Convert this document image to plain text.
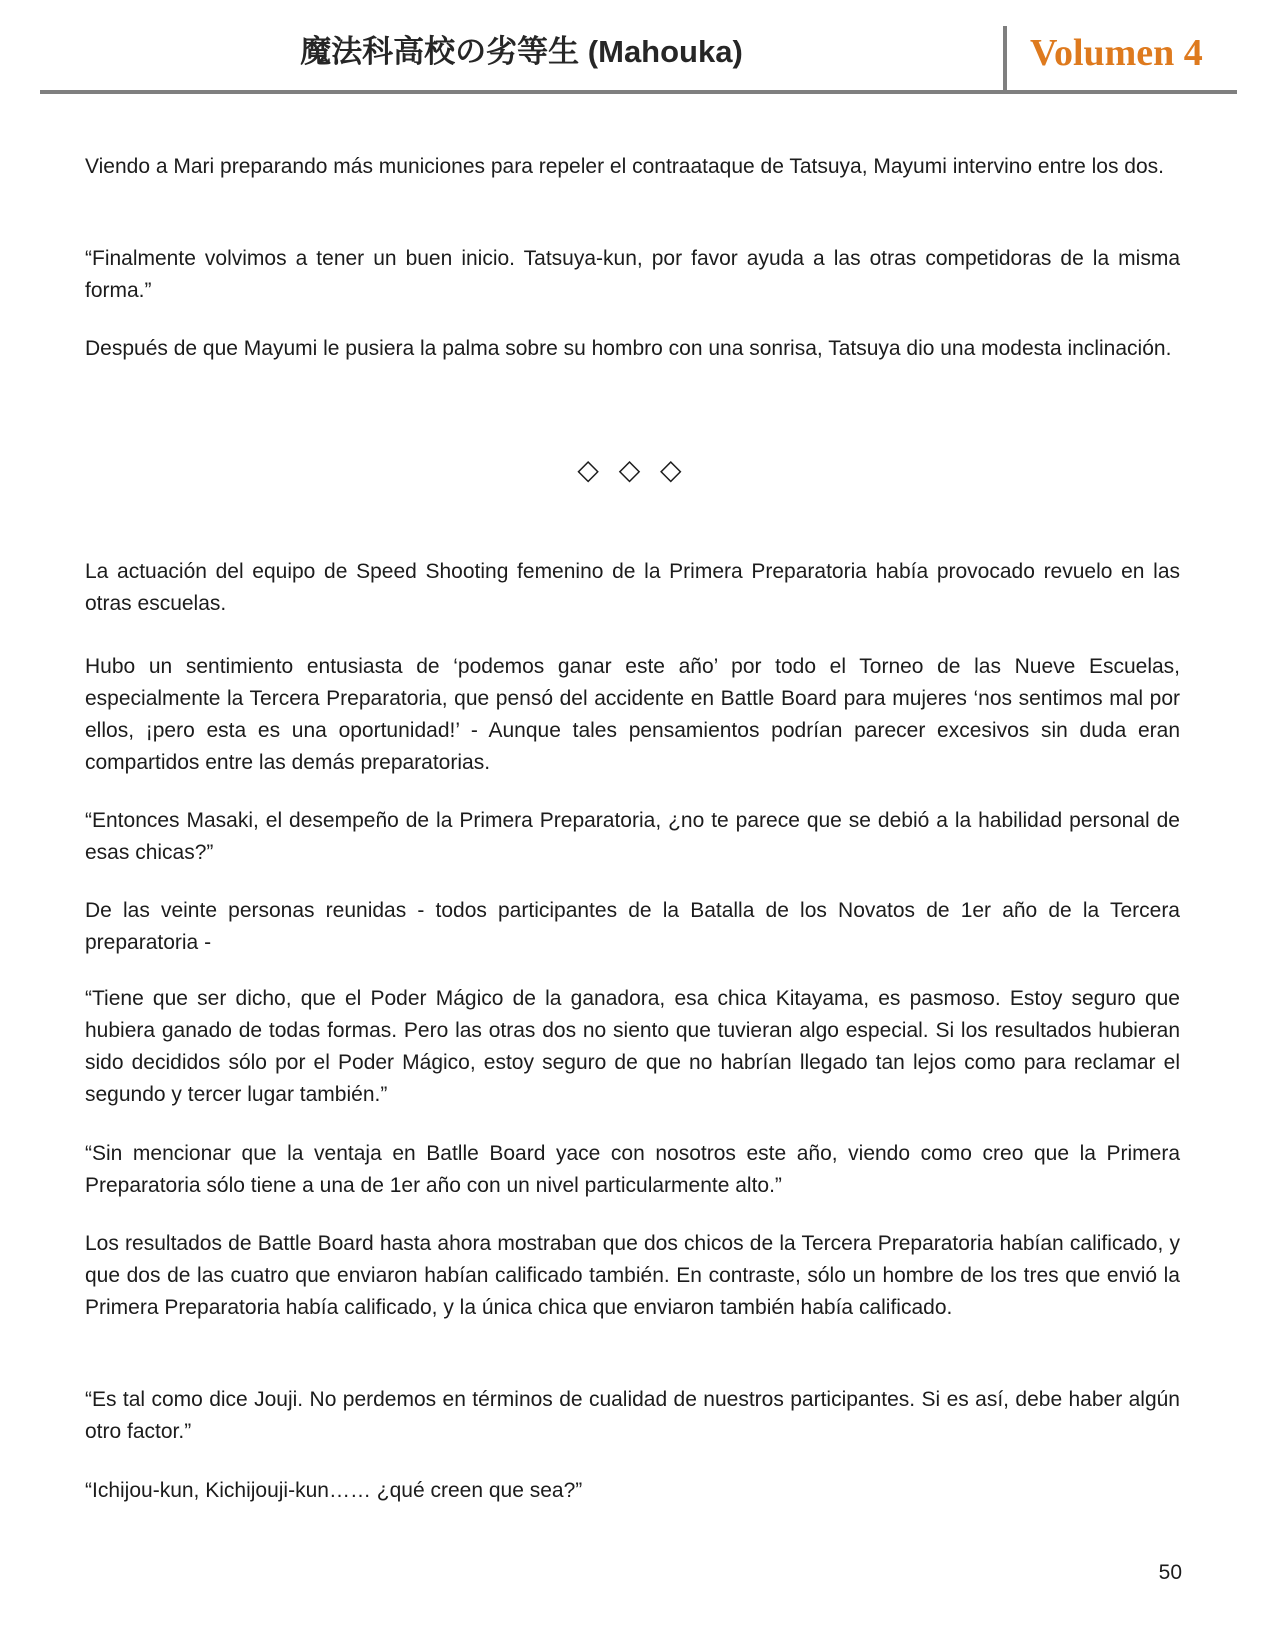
魔法科高校の劣等生 (Mahouka)	Volumen 4

Viendo a Mari preparando más municiones para repeler el contraataque de Tatsuya, Mayumi intervino entre los dos.

“Finalmente volvimos a tener un buen inicio. Tatsuya-kun, por favor ayuda a las otras competidoras de la misma forma.”

Después de que Mayumi le pusiera la palma sobre su hombro con una sonrisa, Tatsuya dio una modesta inclinación.

◇ ◇ ◇

La actuación del equipo de Speed Shooting femenino de la Primera Preparatoria había provocado revuelo en las otras escuelas.

Hubo un sentimiento entusiasta de ‘podemos ganar este año’ por todo el Torneo de las Nueve Escuelas, especialmente la Tercera Preparatoria, que pensó del accidente en Battle Board para mujeres ‘nos sentimos mal por ellos, ¡pero esta es una oportunidad!’ - Aunque tales pensamientos podrían parecer excesivos sin duda eran compartidos entre las demás preparatorias.

“Entonces Masaki, el desempeño de la Primera Preparatoria, ¿no te parece que se debió a la habilidad personal de esas chicas?”

De las veinte personas reunidas - todos participantes de la Batalla de los Novatos de 1er año de la Tercera preparatoria -

“Tiene que ser dicho, que el Poder Mágico de la ganadora, esa chica Kitayama, es pasmoso. Estoy seguro que hubiera ganado de todas formas. Pero las otras dos no siento que tuvieran algo especial. Si los resultados hubieran sido decididos sólo por el Poder Mágico, estoy seguro de que no habrían llegado tan lejos como para reclamar el segundo y tercer lugar también.”

“Sin mencionar que la ventaja en Batlle Board yace con nosotros este año, viendo como creo que la Primera Preparatoria sólo tiene a una de 1er año con un nivel particularmente alto.”

Los resultados de Battle Board hasta ahora mostraban que dos chicos de la Tercera Preparatoria habían calificado, y que dos de las cuatro que enviaron habían calificado también. En contraste, sólo un hombre de los tres que envió la Primera Preparatoria había calificado, y la única chica que enviaron también había calificado.

“Es tal como dice Jouji. No perdemos en términos de cualidad de nuestros participantes. Si es así, debe haber algún otro factor.”

“Ichijou-kun, Kichijouji-kun…… ¿qué creen que sea?”

50
